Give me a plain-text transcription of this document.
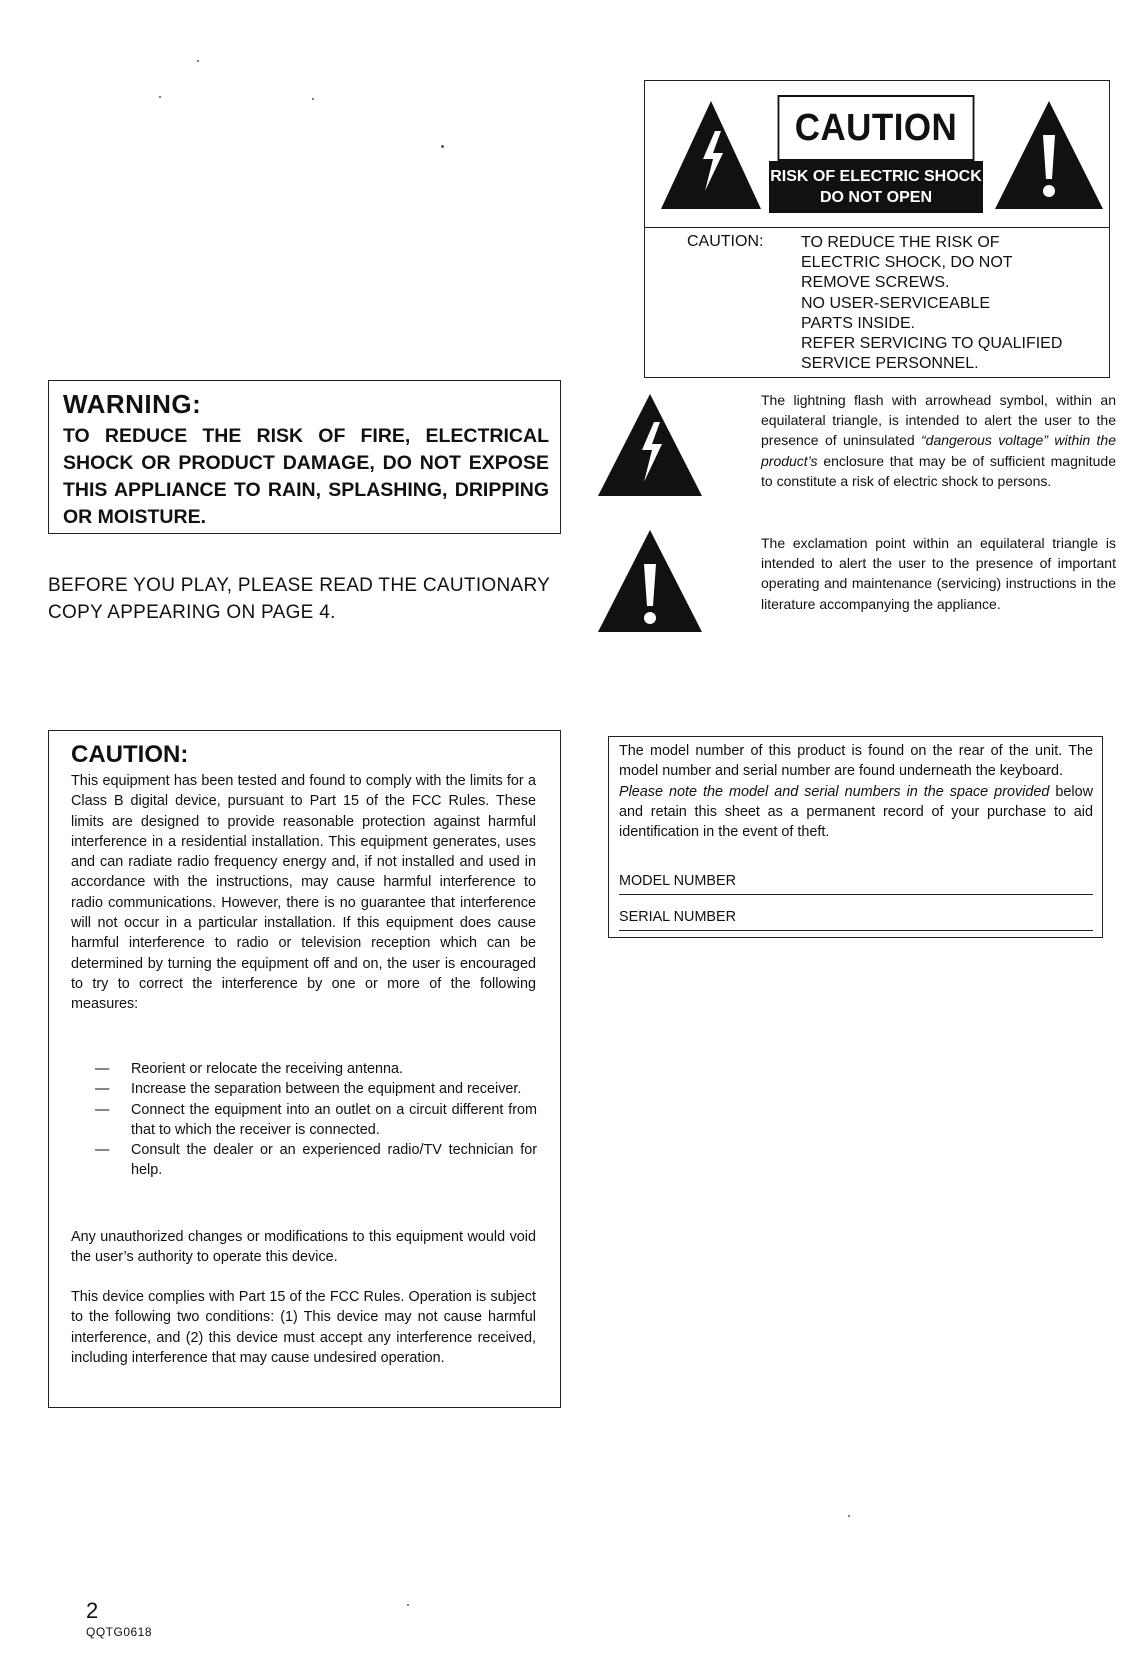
CAUTION
RISK OF ELECTRIC SHOCK
DO NOT OPEN
CAUTION: TO REDUCE THE RISK OF
ELECTRIC SHOCK, DO NOT
REMOVE SCREWS.
NO USER-SERVICEABLE
PARTS INSIDE.
REFER SERVICING TO QUALIFIED
SERVICE PERSONNEL.
WARNING:
TO REDUCE THE RISK OF FIRE, ELECTRICAL SHOCK OR PRODUCT DAMAGE, DO NOT EXPOSE THIS APPLIANCE TO RAIN, SPLASHING, DRIPPING OR MOISTURE.
BEFORE YOU PLAY, PLEASE READ THE CAUTIONARY COPY APPEARING ON PAGE 4.
The lightning flash with arrowhead symbol, within an equilateral triangle, is intended to alert the user to the presence of uninsulated “dangerous voltage” within the product’s enclosure that may be of sufficient magnitude to constitute a risk of electric shock to persons.
The exclamation point within an equilateral triangle is intended to alert the user to the presence of important operating and maintenance (servicing) instructions in the literature accompanying the appliance.
CAUTION:
This equipment has been tested and found to comply with the limits for a Class B digital device, pursuant to Part 15 of the FCC Rules. These limits are designed to provide reasonable protection against harmful interference in a residential installation. This equipment generates, uses and can radiate radio frequency energy and, if not installed and used in accordance with the instructions, may cause harmful interference to radio communications. However, there is no guarantee that interference will not occur in a particular installation. If this equipment does cause harmful interference to radio or television reception which can be determined by turning the equipment off and on, the user is encouraged to try to correct the interference by one or more of the following measures:
— Reorient or relocate the receiving antenna.
— Increase the separation between the equipment and receiver.
— Connect the equipment into an outlet on a circuit different from that to which the receiver is connected.
— Consult the dealer or an experienced radio/TV technician for help.
Any unauthorized changes or modifications to this equipment would void the user’s authority to operate this device.
This device complies with Part 15 of the FCC Rules. Operation is subject to the following two conditions: (1) This device may not cause harmful interference, and (2) this device must accept any interference received, including interference that may cause undesired operation.
The model number of this product is found on the rear of the unit. The model number and serial number are found underneath the keyboard.
Please note the model and serial numbers in the space provided below and retain this sheet as a permanent record of your purchase to aid identification in the event of theft.
MODEL NUMBER
SERIAL NUMBER
2
QQTG0618
